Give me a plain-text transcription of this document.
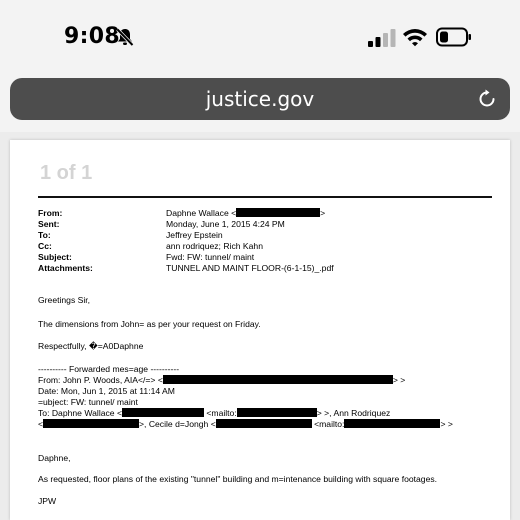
9:08
justice.gov
1 of 1
From:	Daphne Wallace <	>
Sent:	Monday, June 1, 2015 4:24 PM
To:	Jeffrey Epstein
Cc:	ann rodriquez; Rich Kahn
Subject:	Fwd: FW: tunnel/ maint
Attachments:	TUNNEL AND MAINT FLOOR-(6-1-15)_.pdf
Greetings Sir,
The dimensions from John= as per your request on Friday.
Respectfully, �=A0Daphne
---------- Forwarded mes=age ----------
From: John P. Woods, AIA</=> <	> >
Date: Mon, Jun 1, 2015 at 11:14 AM
=ubject: FW: tunnel/ maint
To: Daphne Wallace <	<mailto:	> >, Ann Rodriquez
<	>, Cecile d=Jongh <	<mailto:	> >
Daphne,
As requested, floor plans of the existing "tunnel" building and m=intenance building with square footages.
JPW
